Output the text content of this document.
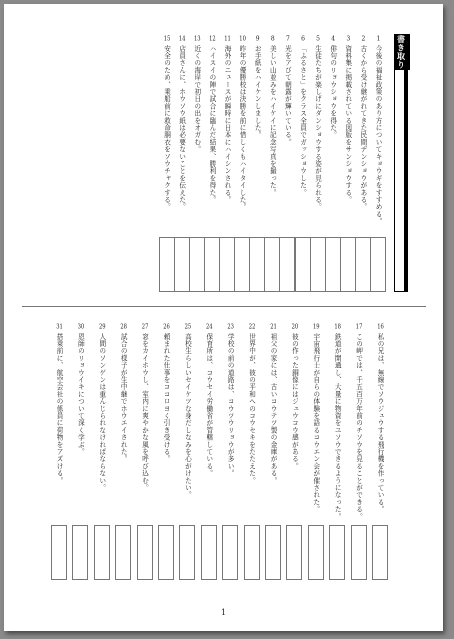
書き取り
1今後の福祉政策のあり方についてキョウギをすすめる。
2古くから受け継がれてきた民間デンショウがある。
3資料集に掲載されている図版をサンショウする。
4俳句のリョウショウを得た。
5生徒たちが楽しげにダンショウする姿が見られる。
6「ふるさと」をクラス全員でガッショウした。
7光をアびて朝露が輝いている。
8美しい山並みをハイケイに記念写真を撮った。
9お手紙をハイケンしました。
10昨年の優勝校は決勝を前に惜しくもハイタイした。
11海外のニュースが瞬時に日本にハイシンされる。
12ハイスイの陣で試合に臨んだ結果、勝利を得た。
13近くの海岸で初日の出をオガむ。
14店員さんに、ホウソウ紙は必要ないことを伝えた。
15安全のため、乗船前に救命胴衣をソウチャクする。
16私の兄は、無線でソウジュウする飛行機を作っている。
17この岬では、千五百万年前のチソウを見ることができる。
18鉄道が開通し、大量に物資をユソウできるようになった。
19宇宙飛行士が自らの体験を語るコウエン会が催された。
20彼の作った銅像にはジュウコウ感がある。
21祖父の家には、古いコウテツ製の金庫がある。
22世界中が、彼の平和へのコウセキをたたえた。
23学校の前の道路は、コウツウリョウが多い。
24保育所は、コウセイ労働省が管轄している。
25高校生らしいセイケツな身だしなみを心がけたい。
26頼まれた仕事をココロヨく引き受ける。
27窓をカイホウし、室内に爽やかな風を呼び込む。
28試合の様子が生中継でホウエイされた。
29人間のソンゲンは重んじられなければならない。
30恩師のリョウイキについて深く学ぶ。
31搭乗前に、航空会社の係員に荷物をアズける。
1
